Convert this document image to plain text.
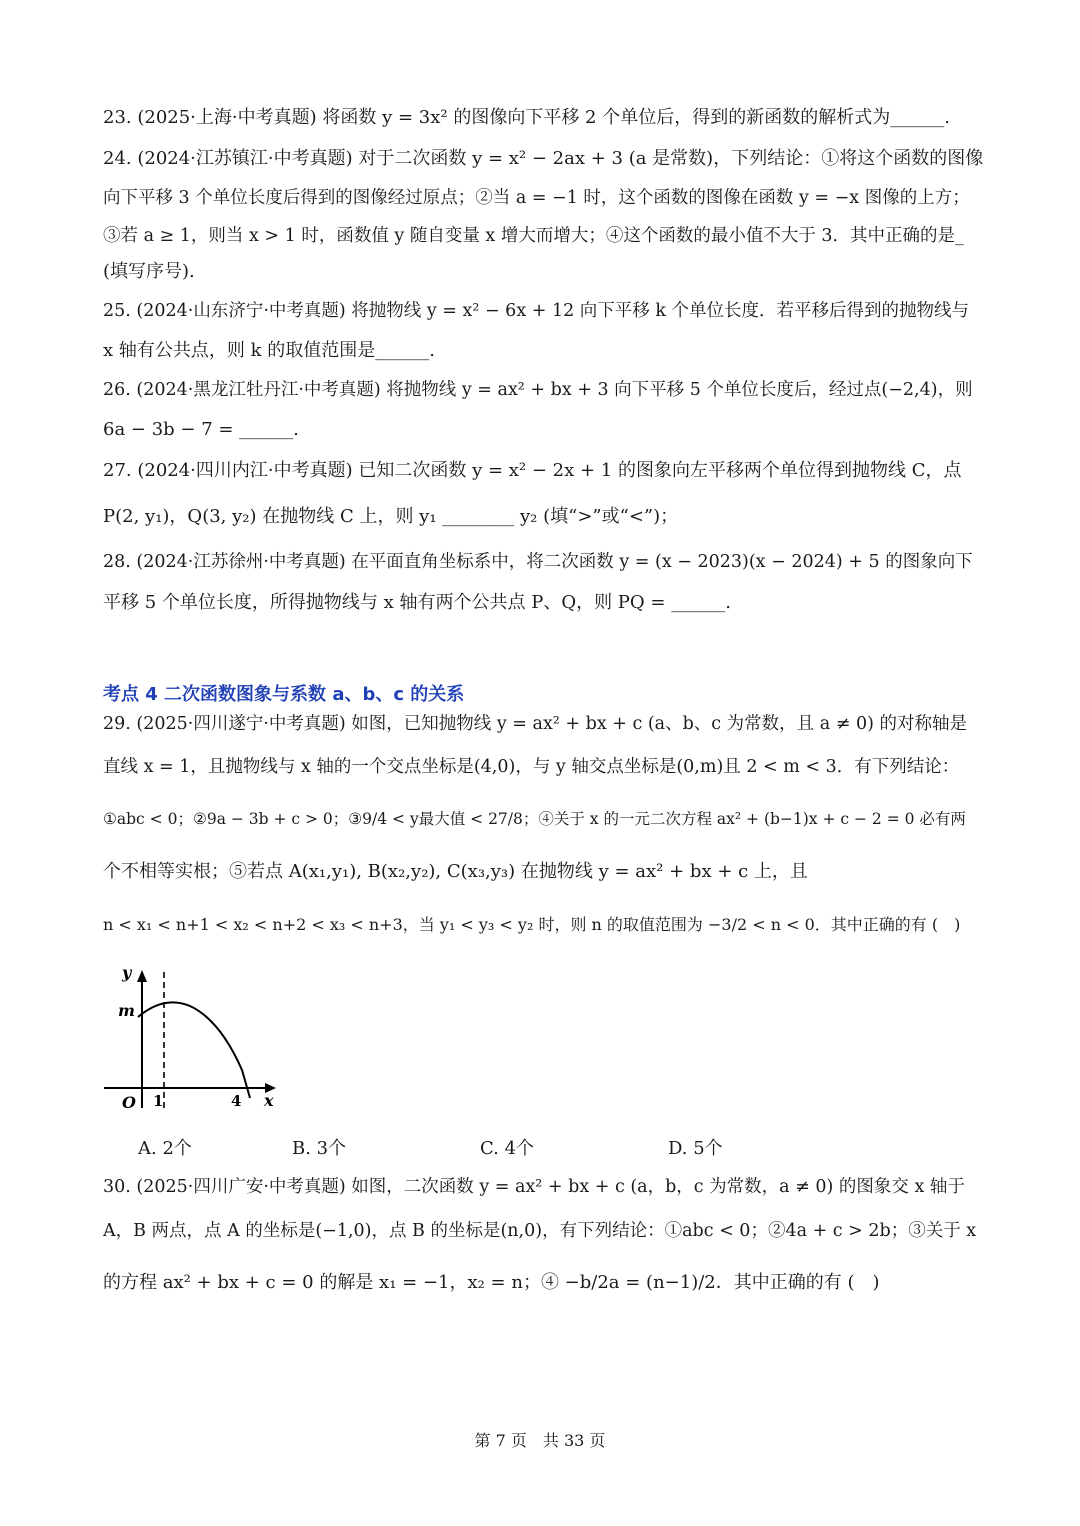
23. (2025·上海·中考真题) 将函数 y = 3x² 的图像向下平移 2 个单位后，得到的新函数的解析式为______.
24. (2024·江苏镇江·中考真题) 对于二次函数 y = x² − 2ax + 3 (a 是常数)，下列结论：①将这个函数的图像
向下平移 3 个单位长度后得到的图像经过原点；②当 a = −1 时，这个函数的图像在函数 y = −x 图像的上方；
③若 a ≥ 1，则当 x > 1 时，函数值 y 随自变量 x 增大而增大；④这个函数的最小值不大于 3．其中正确的是_
(填写序号).
25. (2024·山东济宁·中考真题) 将抛物线 y = x² − 6x + 12 向下平移 k 个单位长度．若平移后得到的抛物线与
x 轴有公共点，则 k 的取值范围是______.
26. (2024·黑龙江牡丹江·中考真题) 将抛物线 y = ax² + bx + 3 向下平移 5 个单位长度后，经过点(−2,4)，则
6a − 3b − 7 = ______.
27. (2024·四川内江·中考真题) 已知二次函数 y = x² − 2x + 1 的图象向左平移两个单位得到抛物线 C，点
P(2, y₁)，Q(3, y₂) 在抛物线 C 上，则 y₁ ________ y₂ (填“>”或“<”)；
28. (2024·江苏徐州·中考真题) 在平面直角坐标系中，将二次函数 y = (x − 2023)(x − 2024) + 5 的图象向下
平移 5 个单位长度，所得抛物线与 x 轴有两个公共点 P、Q，则 PQ = ______.
考点 4 二次函数图象与系数 a、b、c 的关系
29. (2025·四川遂宁·中考真题) 如图，已知抛物线 y = ax² + bx + c (a、b、c 为常数，且 a ≠ 0) 的对称轴是
直线 x = 1，且抛物线与 x 轴的一个交点坐标是(4,0)，与 y 轴交点坐标是(0,m)且 2 < m < 3．有下列结论：
①abc < 0；②9a − 3b + c > 0；③9/4 < y最大值 < 27/8；④关于 x 的一元二次方程 ax² + (b−1)x + c − 2 = 0 必有两
个不相等实根；⑤若点 A(x₁,y₁), B(x₂,y₂), C(x₃,y₃) 在抛物线 y = ax² + bx + c 上，且
n < x₁ < n+1 < x₂ < n+2 < x₃ < n+3，当 y₁ < y₃ < y₂ 时，则 n 的取值范围为 −3/2 < n < 0．其中正确的有 (　)
y
x
O
m
1	4
A. 2个	B. 3个	C. 4个	D. 5个
30. (2025·四川广安·中考真题) 如图，二次函数 y = ax² + bx + c (a，b，c 为常数，a ≠ 0) 的图象交 x 轴于
A，B 两点，点 A 的坐标是(−1,0)，点 B 的坐标是(n,0)，有下列结论：①abc < 0；②4a + c > 2b；③关于 x
的方程 ax² + bx + c = 0 的解是 x₁ = −1，x₂ = n；④ −b/2a = (n−1)/2．其中正确的有 (　)
第 7 页　共 33 页
